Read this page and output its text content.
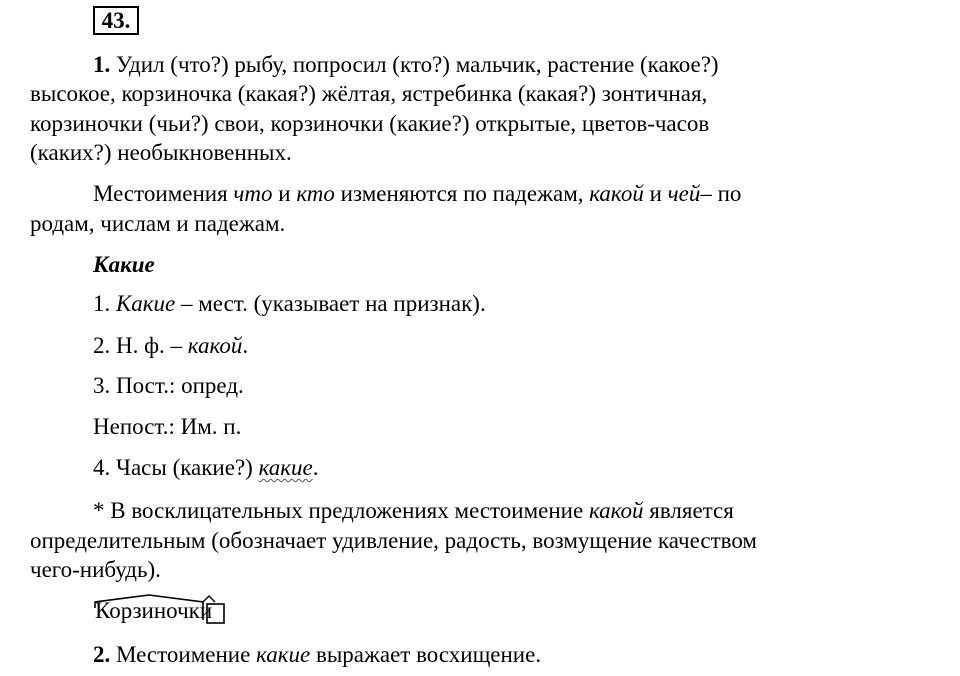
43.
1. Удил (что?) рыбу, попросил (кто?) мальчик, растение (какое?)
высокое, корзиночка (какая?) жёлтая, ястребинка (какая?) зонтичная,
корзиночки (чьи?) свои, корзиночки (какие?) открытые, цветов-часов
(каких?) необыкновенных.
Местоимения что и кто изменяются по падежам, какой и чей– по
родам, числам и падежам.
Какие
1. Какие – мест. (указывает на признак).
2. Н. ф. – какой.
3. Пост.: опред.
Непост.: Им. п.
4. Часы (какие?) какие.
* В восклицательных предложениях местоимение какой является
определительным (обозначает удивление, радость, возмущение качеством
чего-нибудь).
Корзиночки
2. Местоимение какие выражает восхищение.
